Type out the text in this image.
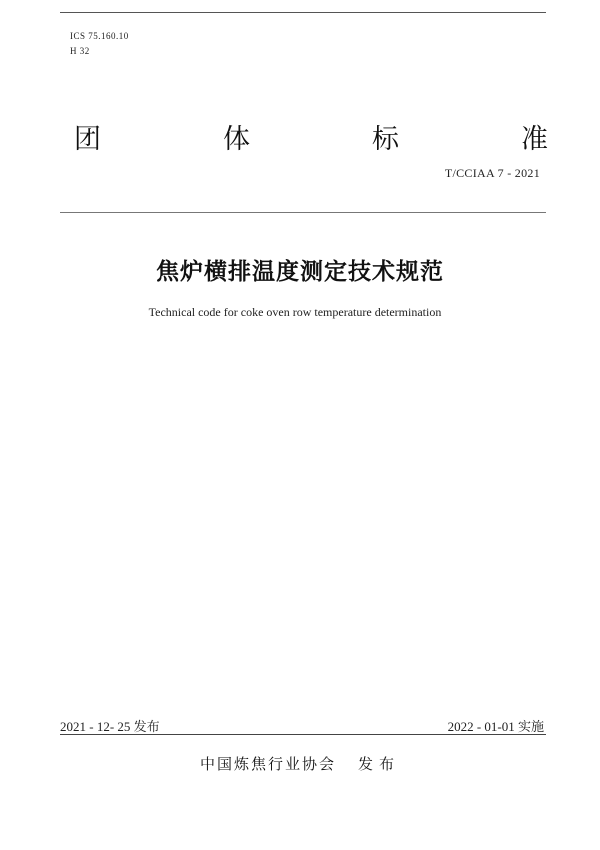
ICS 75.160.10
H 32
团	体	标	准
T/CCIAA 7 - 2021
焦炉横排温度测定技术规范
Technical code for coke oven row temperature determination
2021 - 12- 25 发布	2022 - 01-01 实施
中国炼焦行业协会 发布
